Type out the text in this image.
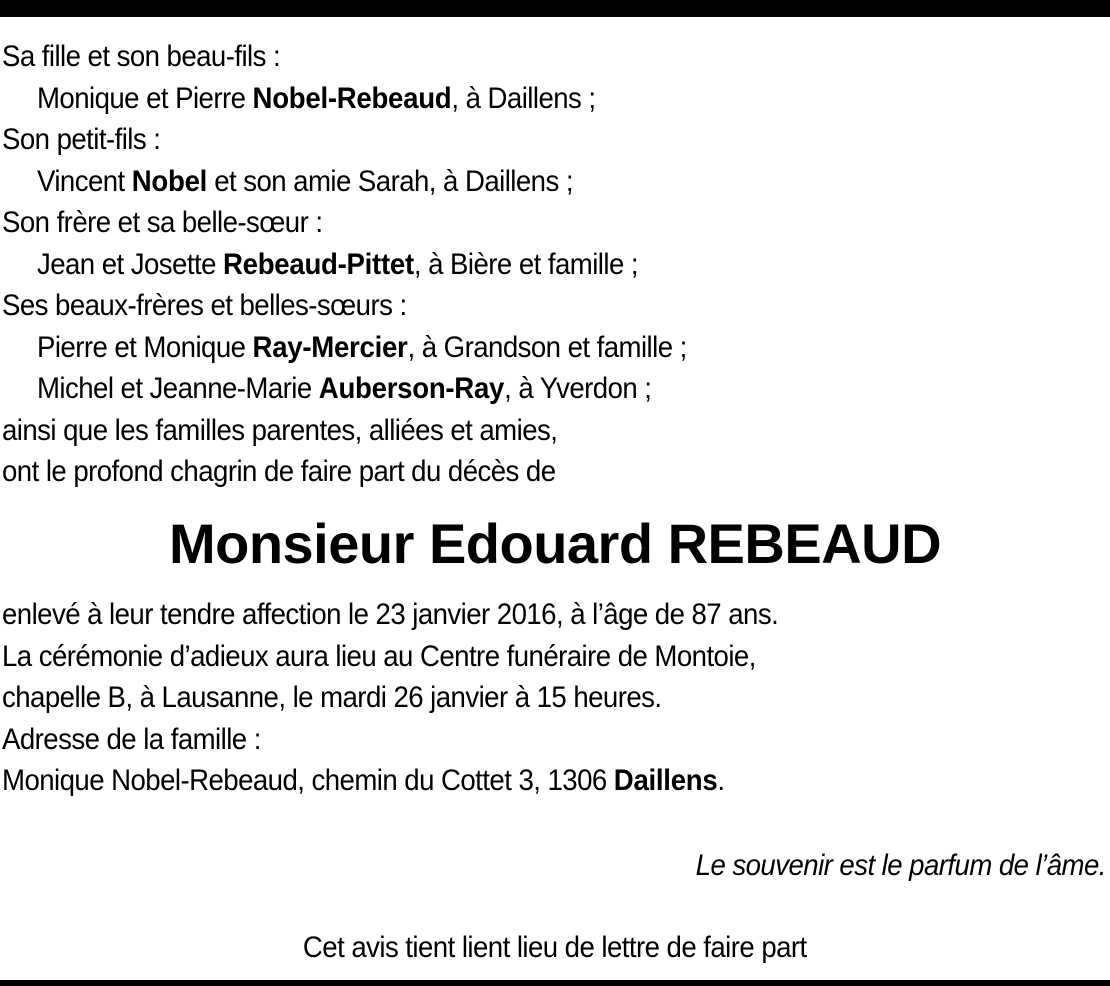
Sa fille et son beau-fils :
Monique et Pierre Nobel-Rebeaud, à Daillens ;
Son petit-fils :
Vincent Nobel et son amie Sarah, à Daillens ;
Son frère et sa belle-sœur :
Jean et Josette Rebeaud-Pittet, à Bière et famille ;
Ses beaux-frères et belles-sœurs :
Pierre et Monique Ray-Mercier, à Grandson et famille ;
Michel et Jeanne-Marie Auberson-Ray, à Yverdon ;
ainsi que les familles parentes, alliées et amies,
ont le profond chagrin de faire part du décès de
Monsieur Edouard REBEAUD
enlevé à leur tendre affection le 23 janvier 2016, à l’âge de 87 ans.
La cérémonie d’adieux aura lieu au Centre funéraire de Montoie,
chapelle B, à Lausanne, le mardi 26 janvier à 15 heures.
Adresse de la famille :
Monique Nobel-Rebeaud, chemin du Cottet 3, 1306 Daillens.
Le souvenir est le parfum de l’âme.
Cet avis tient lient lieu de lettre de faire part
